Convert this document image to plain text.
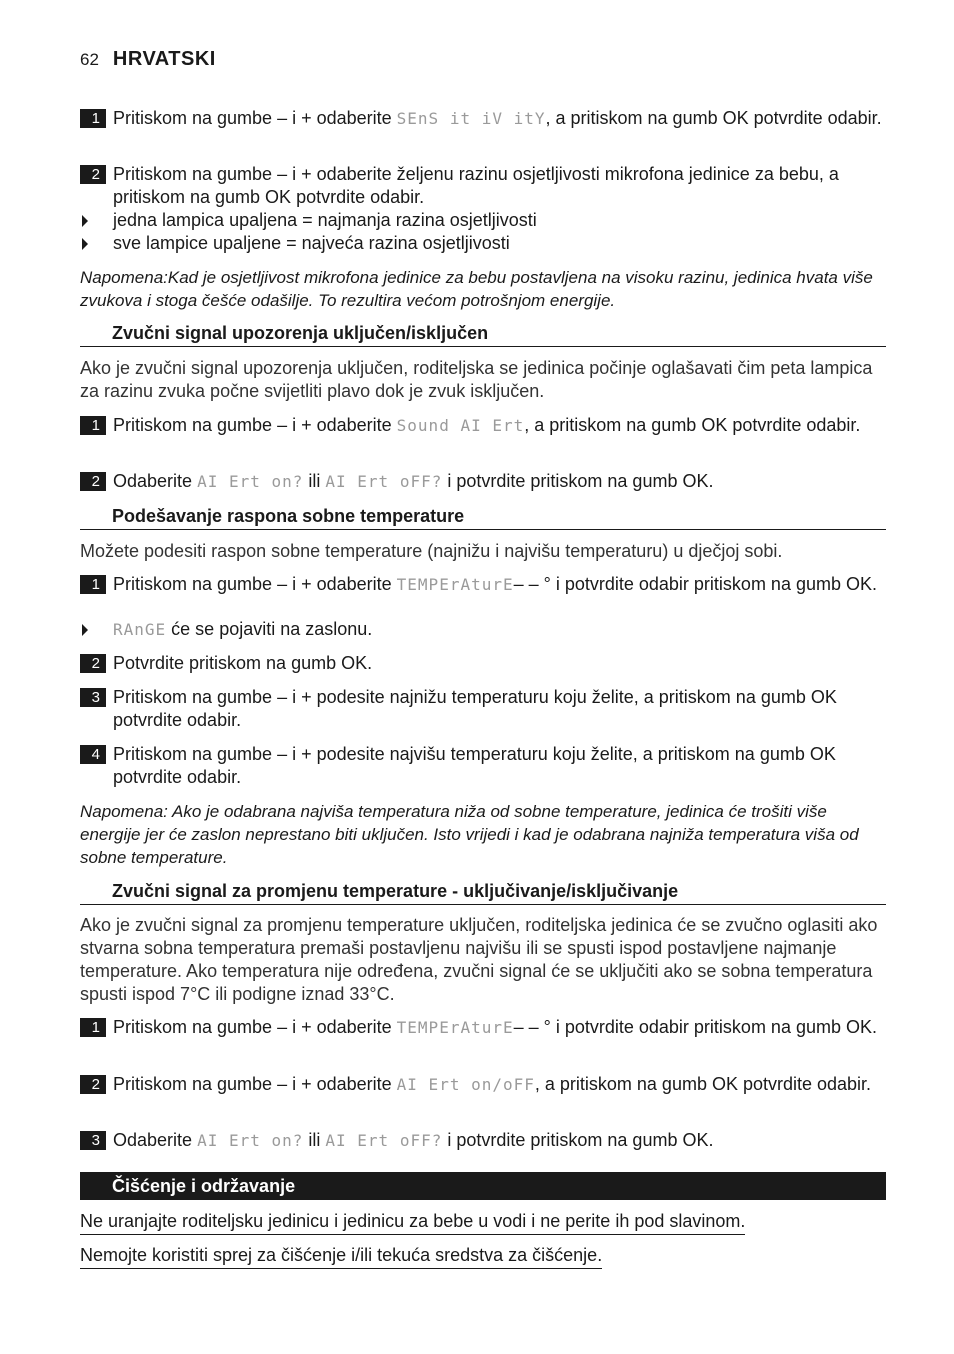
62 HRVATSKI
1 Pritiskom na gumbe – i + odaberite SEnS it iV itY, a pritiskom na gumb OK potvrdite odabir.
2 Pritiskom na gumbe – i + odaberite željenu razinu osjetljivosti mikrofona jedinice za bebu, a pritiskom na gumb OK potvrdite odabir.
jedna lampica upaljena = najmanja razina osjetljivosti
sve lampice upaljene = najveća razina osjetljivosti
Napomena:Kad je osjetljivost mikrofona jedinice za bebu postavljena na visoku razinu, jedinica hvata više zvukova i stoga češće odašilje. To rezultira većom potrošnjom energije.
Zvučni signal upozorenja uključen/isključen
Ako je zvučni signal upozorenja uključen, roditeljska se jedinica počinje oglašavati čim peta lampica za razinu zvuka počne svijetliti plavo dok je zvuk isključen.
1 Pritiskom na gumbe – i + odaberite Sound AI Ert, a pritiskom na gumb OK potvrdite odabir.
2 Odaberite AI Ert on? ili AI Ert oFF? i potvrdite pritiskom na gumb OK.
Podešavanje raspona sobne temperature
Možete podesiti raspon sobne temperature (najnižu i najvišu temperaturu) u dječjoj sobi.
1 Pritiskom na gumbe – i + odaberite TEMPErAturE– – ° i potvrdite odabir pritiskom na gumb OK.
RAnGE će se pojaviti na zaslonu.
2 Potvrdite pritiskom na gumb OK.
3 Pritiskom na gumbe – i + podesite najnižu temperaturu koju želite, a pritiskom na gumb OK potvrdite odabir.
4 Pritiskom na gumbe – i + podesite najvišu temperaturu koju želite, a pritiskom na gumb OK potvrdite odabir.
Napomena: Ako je odabrana najviša temperatura niža od sobne temperature, jedinica će trošiti više energije jer će zaslon neprestano biti uključen. Isto vrijedi i kad je odabrana najniža temperatura viša od sobne temperature.
Zvučni signal za promjenu temperature - uključivanje/isključivanje
Ako je zvučni signal za promjenu temperature uključen, roditeljska jedinica će se zvučno oglasiti ako stvarna sobna temperatura premaši postavljenu najvišu ili se spusti ispod postavljene najmanje temperature. Ako temperatura nije određena, zvučni signal će se uključiti ako se sobna temperatura spusti ispod 7°C ili podigne iznad 33°C.
1 Pritiskom na gumbe – i + odaberite TEMPErAturE– – ° i potvrdite odabir pritiskom na gumb OK.
2 Pritiskom na gumbe – i + odaberite AI Ert on/oFF, a pritiskom na gumb OK potvrdite odabir.
3 Odaberite AI Ert on? ili AI Ert oFF? i potvrdite pritiskom na gumb OK.
Čišćenje i održavanje
Ne uranjajte roditeljsku jedinicu i jedinicu za bebe u vodi i ne perite ih pod slavinom.
Nemojte koristiti sprej za čišćenje i/ili tekuća sredstva za čišćenje.
